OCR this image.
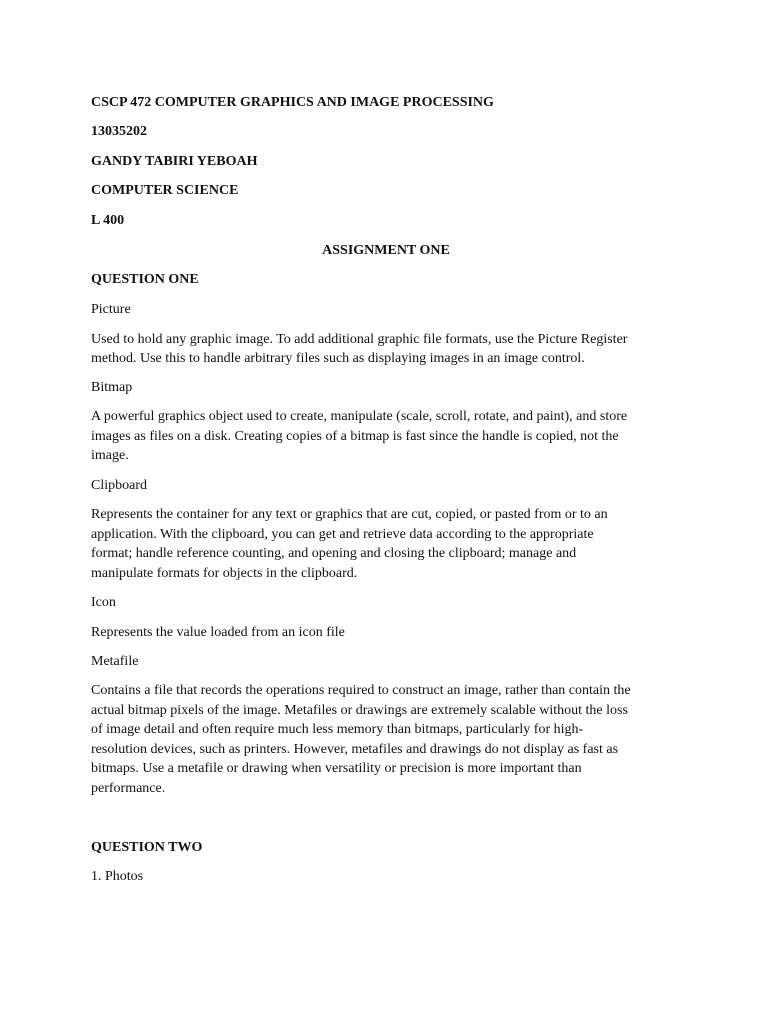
CSCP 472 COMPUTER GRAPHICS AND IMAGE PROCESSING
13035202
GANDY TABIRI YEBOAH
COMPUTER SCIENCE
L 400
ASSIGNMENT ONE
QUESTION ONE
Picture
Used to hold any graphic image. To add additional graphic file formats, use the Picture Register
method. Use this to handle arbitrary files such as displaying images in an image control.
Bitmap
A powerful graphics object used to create, manipulate (scale, scroll, rotate, and paint), and store
images as files on a disk. Creating copies of a bitmap is fast since the handle is copied, not the
image.
Clipboard
Represents the container for any text or graphics that are cut, copied, or pasted from or to an
application. With the clipboard, you can get and retrieve data according to the appropriate
format; handle reference counting, and opening and closing the clipboard; manage and
manipulate formats for objects in the clipboard.
Icon
Represents the value loaded from an icon file
Metafile
Contains a file that records the operations required to construct an image, rather than contain the
actual bitmap pixels of the image. Metafiles or drawings are extremely scalable without the loss
of image detail and often require much less memory than bitmaps, particularly for high-
resolution devices, such as printers. However, metafiles and drawings do not display as fast as
bitmaps. Use a metafile or drawing when versatility or precision is more important than
performance.
QUESTION TWO
1. Photos
